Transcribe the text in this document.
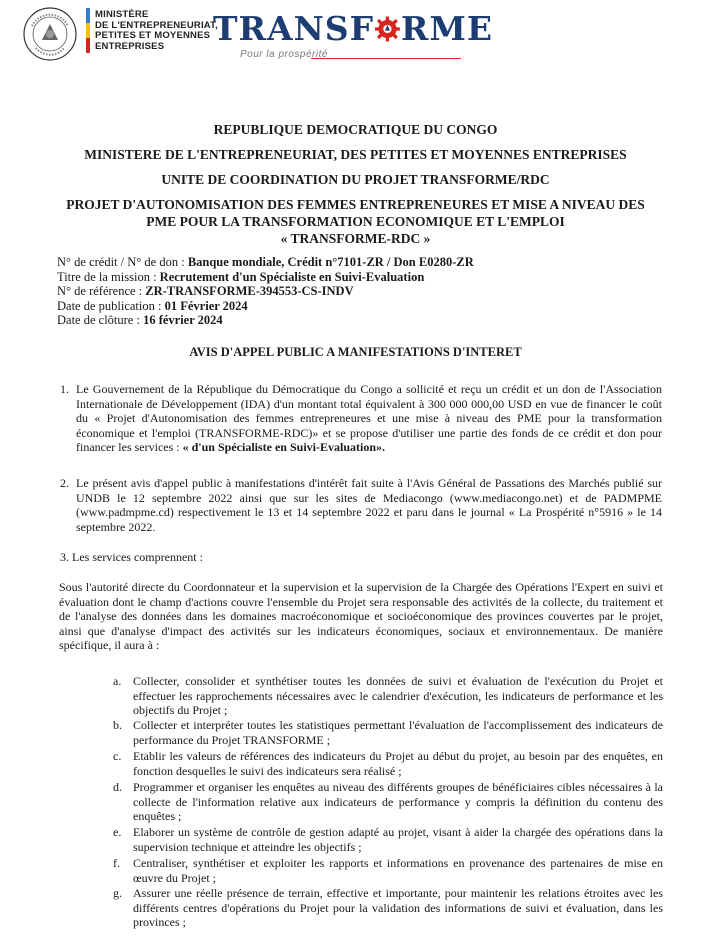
MINISTÈRE
DE L'ENTREPRENEURIAT,
PETITES ET MOYENNES
ENTREPRISES	TRANSF RME
Pour la prospérité
REPUBLIQUE DEMOCRATIQUE DU CONGO
MINISTERE DE L'ENTREPRENEURIAT, DES PETITES ET MOYENNES ENTREPRISES
UNITE DE COORDINATION DU PROJET TRANSFORME/RDC
PROJET D'AUTONOMISATION DES FEMMES ENTREPRENEURES ET MISE A NIVEAU DES
PME POUR LA TRANSFORMATION ECONOMIQUE ET L'EMPLOI
« TRANSFORME-RDC »
N° de crédit / N° de don : Banque mondiale, Crédit n°7101-ZR / Don E0280-ZR
Titre de la mission : Recrutement d'un Spécialiste en Suivi-Evaluation
N° de référence : ZR-TRANSFORME-394553-CS-INDV
Date de publication : 01 Février 2024
Date de clôture : 16 février 2024
AVIS D'APPEL PUBLIC A MANIFESTATIONS D'INTERET
1. Le Gouvernement de la République du Démocratique du Congo a sollicité et reçu un crédit et un don de l'Association Internationale de Développement (IDA) d'un montant total équivalent à 300 000 000,00 USD en vue de financer le coût du « Projet d'Autonomisation des femmes entrepreneures et une mise à niveau des PME pour la transformation économique et l'emploi (TRANSFORME-RDC)» et se propose d'utiliser une partie des fonds de ce crédit et don pour financer les services : « d'un Spécialiste en Suivi-Evaluation».
2. Le présent avis d'appel public à manifestations d'intérêt fait suite à l'Avis Général de Passations des Marchés publié sur UNDB le 12 septembre 2022 ainsi que sur les sites de Mediacongo (www.mediacongo.net) et de PADMPME (www.padmpme.cd) respectivement le 13 et 14 septembre 2022 et paru dans le journal « La Prospérité n°5916 » le 14 septembre 2022.
3. Les services comprennent :
Sous l'autorité directe du Coordonnateur et la supervision et la supervision de la Chargée des Opérations l'Expert en suivi et évaluation dont le champ d'actions couvre l'ensemble du Projet sera responsable des activités de la collecte, du traitement et de l'analyse des données dans les domaines macroéconomique et socioéconomique des provinces couvertes par le projet, ainsi que d'analyse d'impact des activités sur les indicateurs économiques, sociaux et environnementaux. De manière spécifique, il aura à :
a. Collecter, consolider et synthétiser toutes les données de suivi et évaluation de l'exécution du Projet et effectuer les rapprochements nécessaires avec le calendrier d'exécution, les indicateurs de performance et les objectifs du Projet ;
b. Collecter et interpréter toutes les statistiques permettant l'évaluation de l'accomplissement des indicateurs de performance du Projet TRANSFORME ;
c. Etablir les valeurs de références des indicateurs du Projet au début du projet, au besoin par des enquêtes, en fonction desquelles le suivi des indicateurs sera réalisé ;
d. Programmer et organiser les enquêtes au niveau des différents groupes de bénéficiaires cibles nécessaires à la collecte de l'information relative aux indicateurs de performance y compris la définition du contenu des enquêtes ;
e. Elaborer un système de contrôle de gestion adapté au projet, visant à aider la chargée des opérations dans la supervision technique et atteindre les objectifs ;
f. Centraliser, synthétiser et exploiter les rapports et informations en provenance des partenaires de mise en œuvre du Projet ;
g. Assurer une réelle présence de terrain, effective et importante, pour maintenir les relations étroites avec les différents centres d'opérations du Projet pour la validation des informations de suivi et évaluation, dans les provinces ;
